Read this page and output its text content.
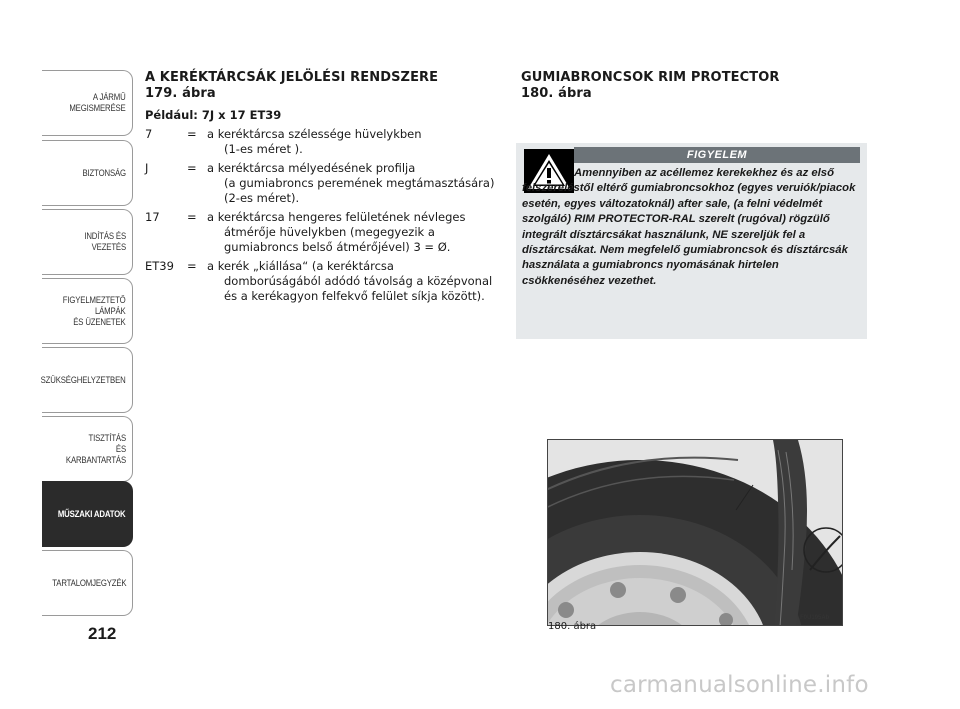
A JÁRMŰ
MEGISMERÉSE
BIZTONSÁG
INDÍTÁS ÉS VEZETÉS
FIGYELMEZTETŐ
LÁMPÁK
ÉS ÜZENETEK
SZÜKSÉGHELYZETBEN
TISZTÍTÁS
ÉS KARBANTARTÁS
MŰSZAKI ADATOK
TARTALOMJEGYZÉK
212
A KERÉKTÁRCSÁK JELÖLÉSI RENDSZERE
179. ábra
Például: 7J x 17 ET39
7	= a keréktárcsa szélessége hüvelykben
(1-es méret ).
J	= a keréktárcsa mélyedésének profilja
(a gumiabroncs peremének megtámasztására) (2-es méret).
17	= a keréktárcsa hengeres felületének névleges
átmérője hüvelykben (megegyezik a gumiabroncs belső átmérőjével) 3 = Ø.
ET39	= a kerék „kiállása“ (a keréktárcsa
domborúságából adódó távolság a középvonal és a kerékagyon felfekvő felület síkja között).
GUMIABRONCSOK RIM PROTECTOR
180. ábra
FIGYELEM
Amennyiben az acéllemez kerekekhez és az első felszereléstől eltérő gumiabroncsokhoz (egyes veruiók/piacok esetén, egyes változatoknál) after sale, (a felni védelmét szolgáló) RIM PROTECTOR-RAL szerelt (rugóval) rögzülő integrált dísztárcsákat használunk, NE szereljük fel a dísztárcsákat. Nem megfelelő gumiabroncsok és dísztárcsák használata a gumiabroncs nyomásának hirtelen csökkenéséhez vezethet.
F0U195Ab
180. ábra
carmanualsonline.info
